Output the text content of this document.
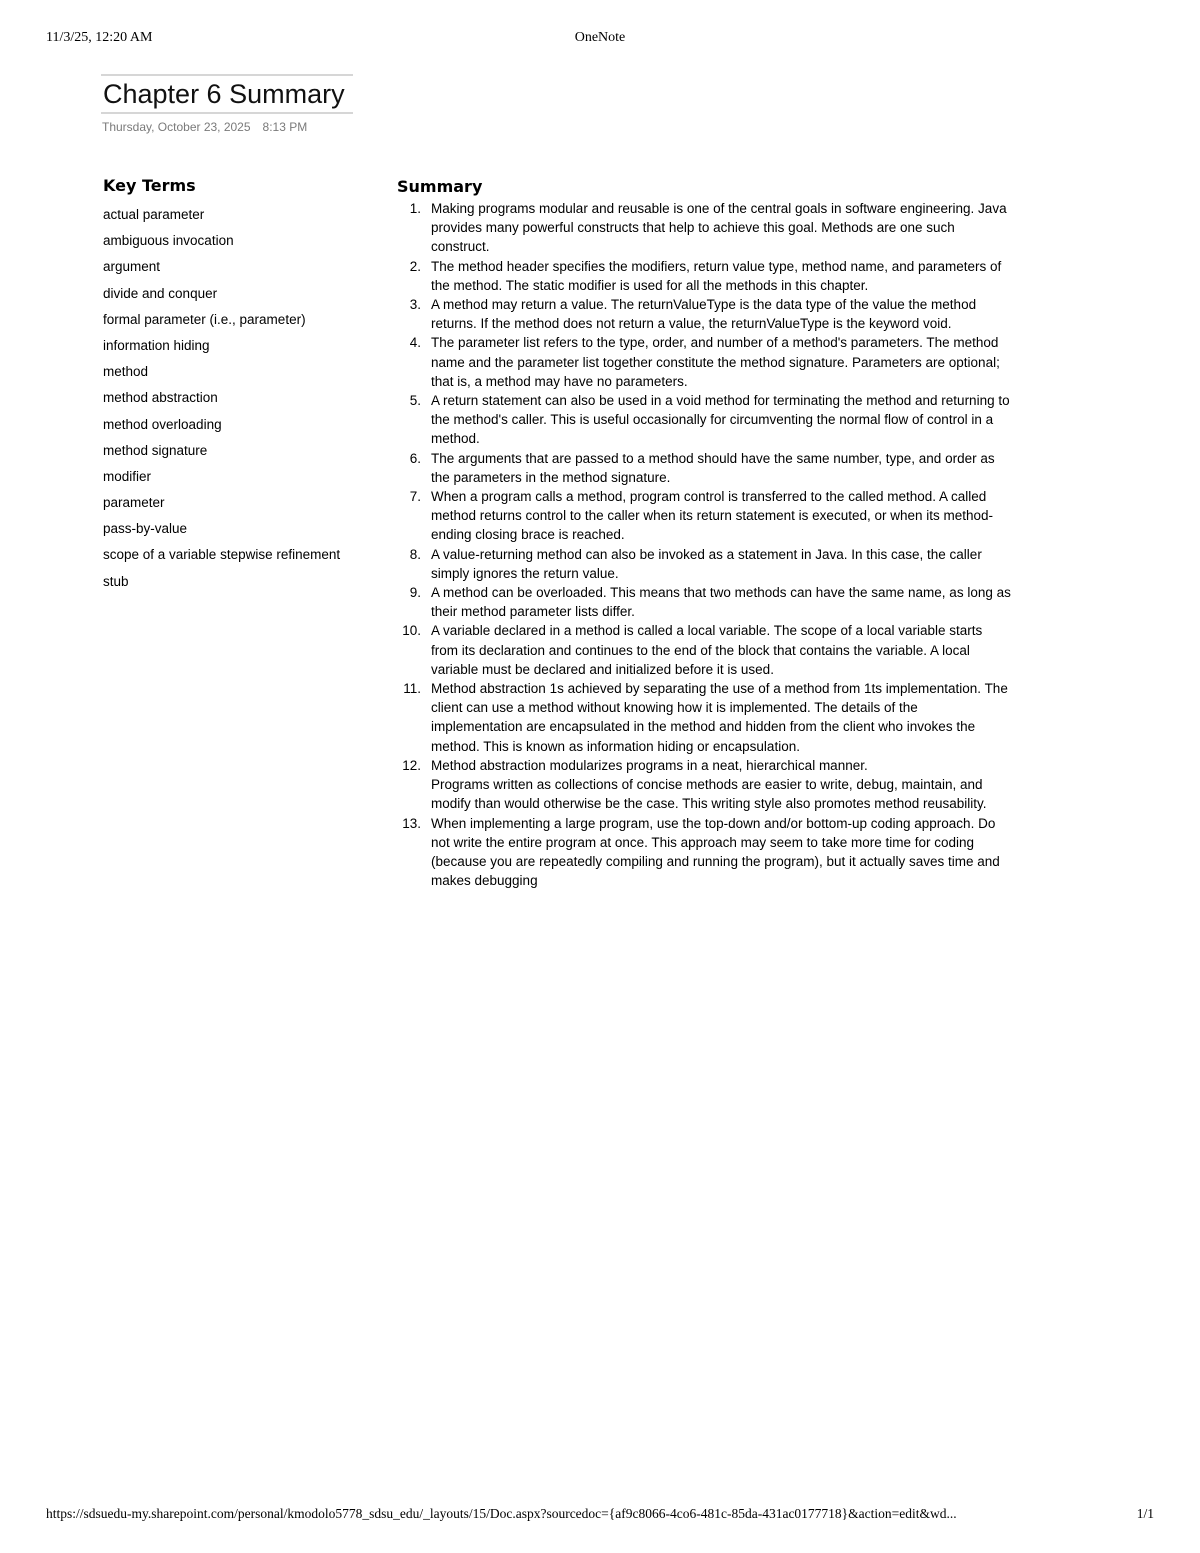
11/3/25, 12:20 AM	OneNote
Chapter 6 Summary
Thursday, October 23, 2025 8:13 PM
Key Terms
actual parameter
ambiguous invocation
argument
divide and conquer
formal parameter (i.e., parameter)
information hiding
method
method abstraction
method overloading
method signature
modifier
parameter
pass-by-value
scope of a variable stepwise refinement
stub
Summary
1. Making programs modular and reusable is one of the central goals in software engineering. Java provides many powerful constructs that help to achieve this goal. Methods are one such construct.
2. The method header specifies the modifiers, return value type, method name, and parameters of the method. The static modifier is used for all the methods in this chapter.
3. A method may return a value. The returnValueType is the data type of the value the method returns. If the method does not return a value, the returnValueType is the keyword void.
4. The parameter list refers to the type, order, and number of a method's parameters. The method name and the parameter list together constitute the method signature. Parameters are optional; that is, a method may have no parameters.
5. A return statement can also be used in a void method for terminating the method and returning to the method's caller. This is useful occasionally for circumventing the normal flow of control in a method.
6. The arguments that are passed to a method should have the same number, type, and order as the parameters in the method signature.
7. When a program calls a method, program control is transferred to the called method. A called method returns control to the caller when its return statement is executed, or when its method-ending closing brace is reached.
8. A value-returning method can also be invoked as a statement in Java. In this case, the caller simply ignores the return value.
9. A method can be overloaded. This means that two methods can have the same name, as long as their method parameter lists differ.
10. A variable declared in a method is called a local variable. The scope of a local variable starts from its declaration and continues to the end of the block that contains the variable. A local variable must be declared and initialized before it is used.
11. Method abstraction 1s achieved by separating the use of a method from 1ts implementation. The client can use a method without knowing how it is implemented. The details of the implementation are encapsulated in the method and hidden from the client who invokes the method. This is known as information hiding or encapsulation.
12. Method abstraction modularizes programs in a neat, hierarchical manner.
Programs written as collections of concise methods are easier to write, debug, maintain, and modify than would otherwise be the case. This writing style also promotes method reusability.
13. When implementing a large program, use the top-down and/or bottom-up coding approach. Do not write the entire program at once. This approach may seem to take more time for coding (because you are repeatedly compiling and running the program), but it actually saves time and makes debugging
https://sdsuedu-my.sharepoint.com/personal/kmodolo5778_sdsu_edu/_layouts/15/Doc.aspx?sourcedoc={af9c8066-4co6-481c-85da-431ac0177718}&action=edit&wd...	1/1
